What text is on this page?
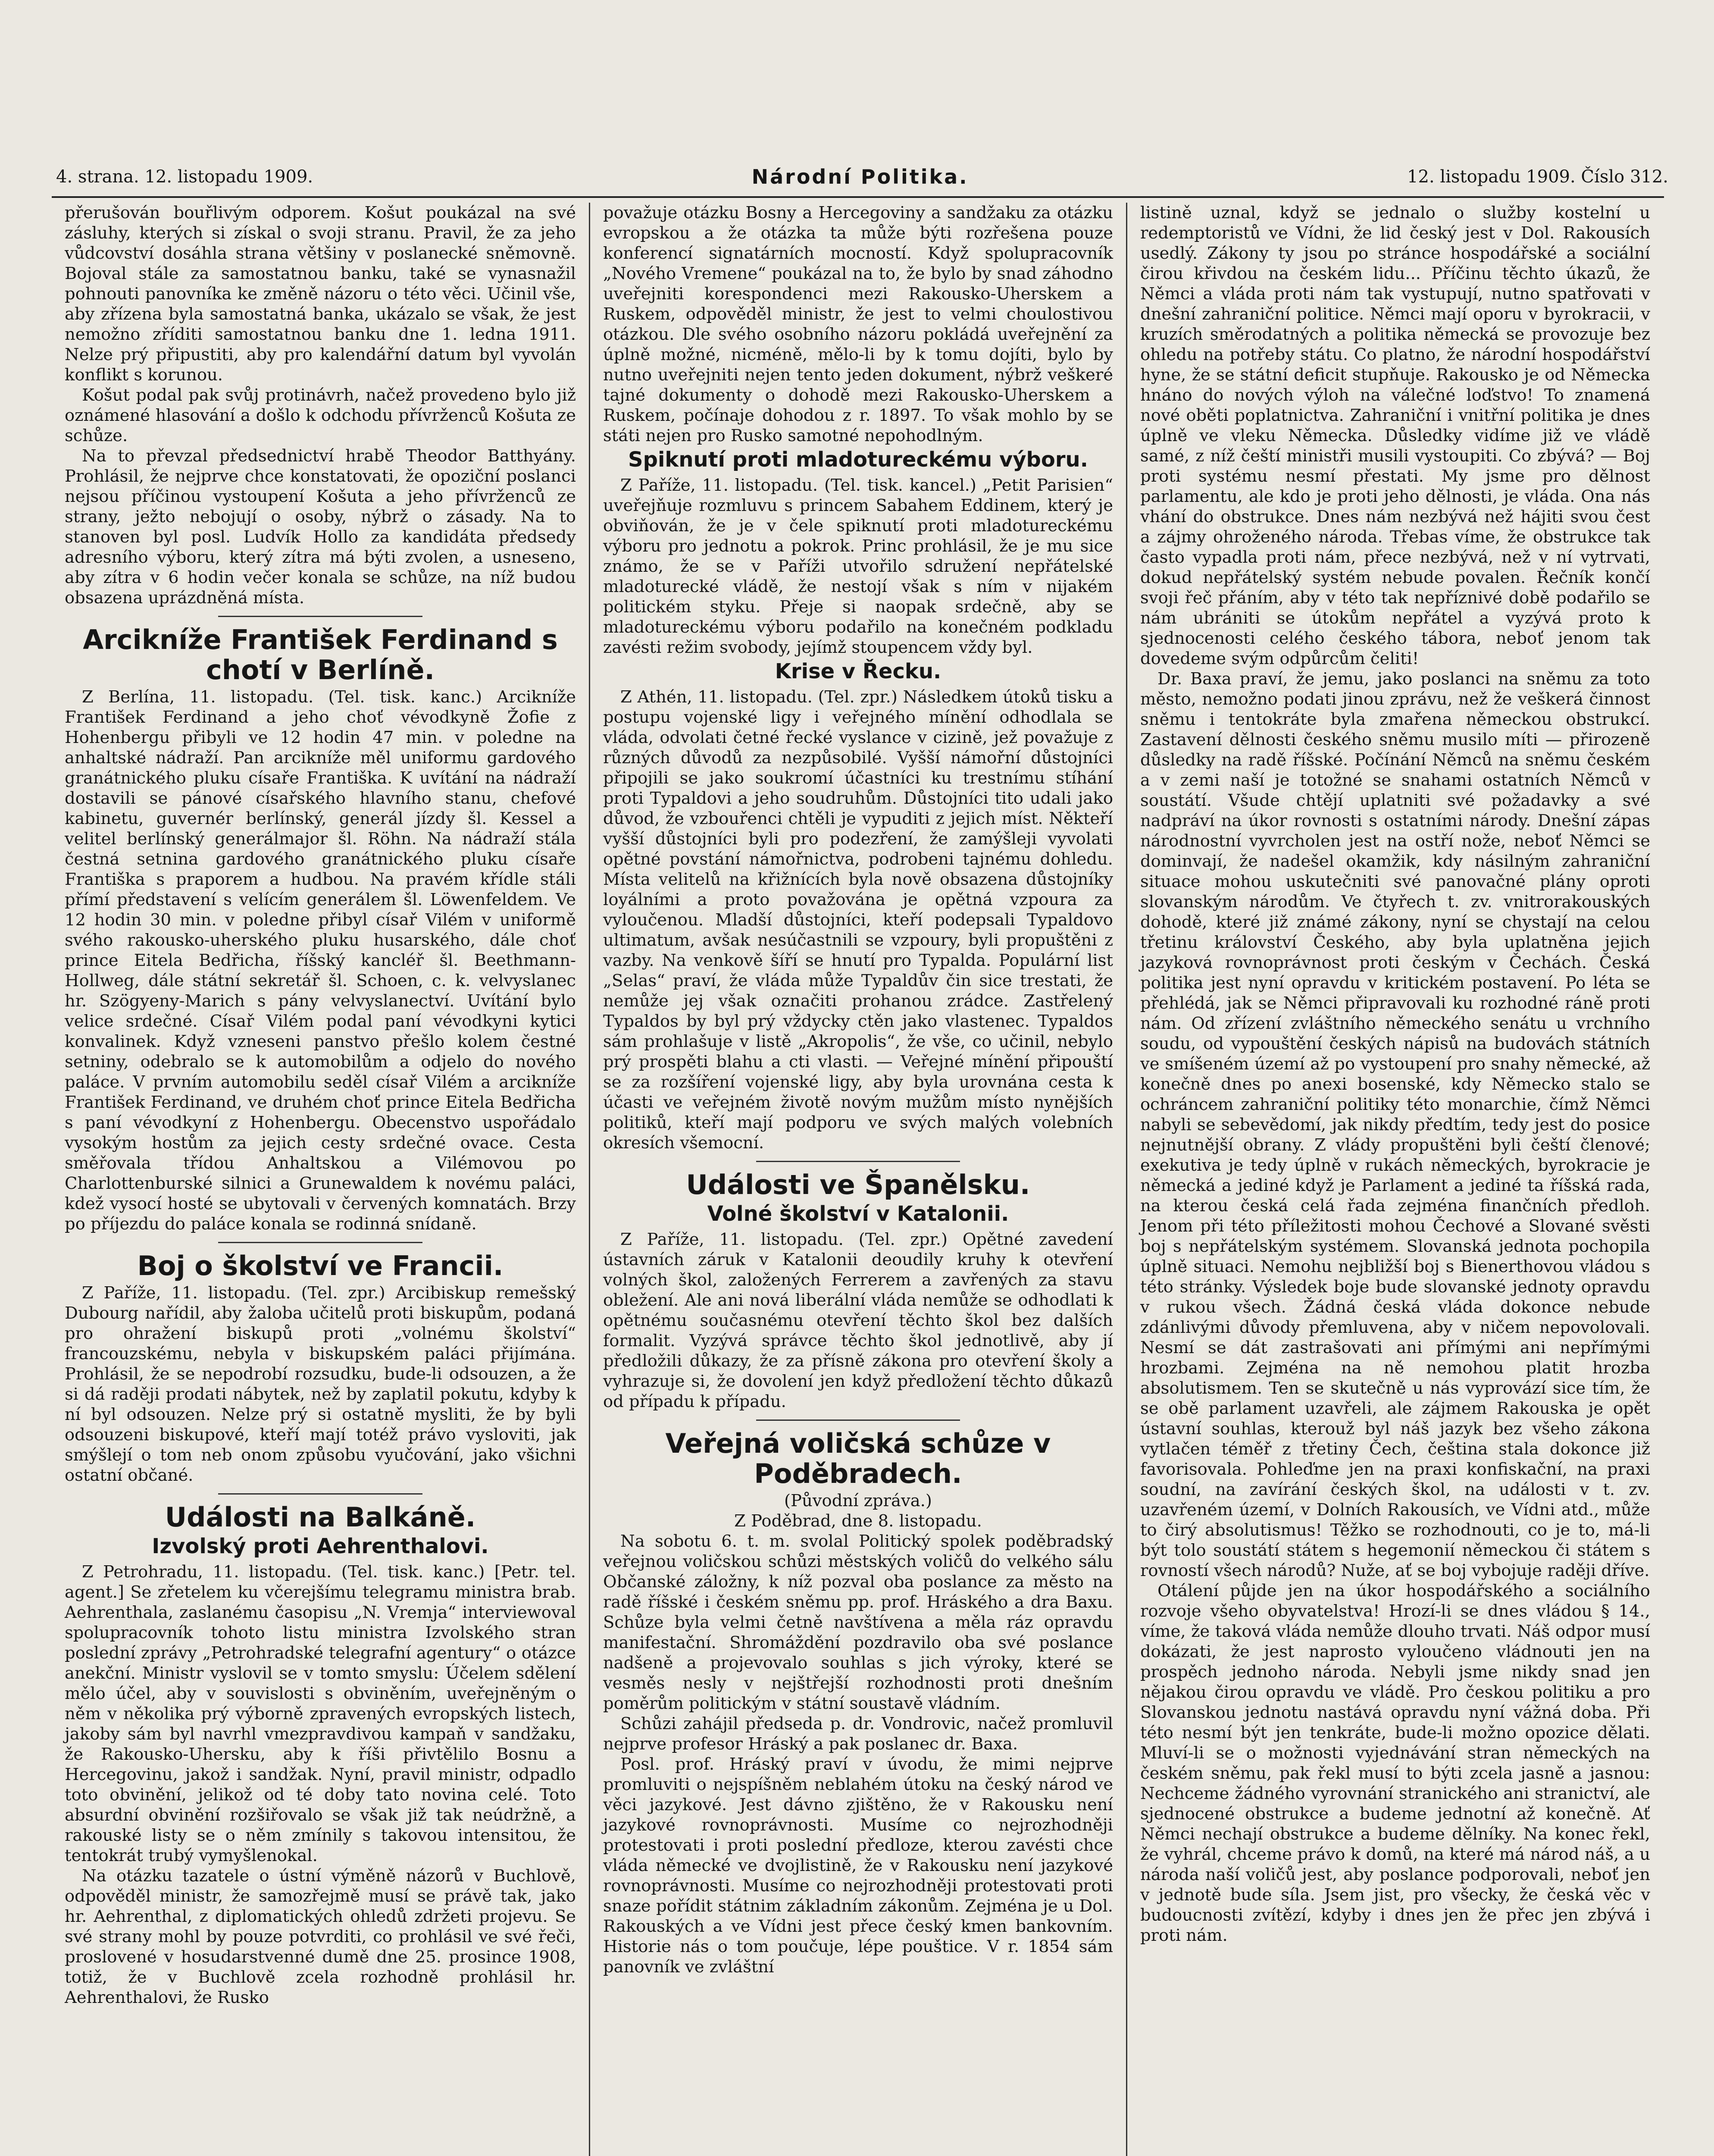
4. strana. 12. listopadu 1909.	Národní Politika.	12. listopadu 1909. Číslo 312.

přerušován bouřlivým odporem. Košut poukázal na své zásluhy, kterých si získal o svoji stranu. Pravil, že za jeho vůdcovství dosáhla strana většiny v poslanecké sněmovně. Bojoval stále za samostatnou banku, také se vynasnažil pohnouti panovníka ke změně názoru o této věci. Učinil vše, aby zřízena byla samostatná banka, ukázalo se však, že jest nemožno zříditi samostatnou banku dne 1. ledna 1911. Nelze prý připustiti, aby pro kalendářní datum byl vyvolán konflikt s korunou.

Košut podal pak svůj protinávrh, načež provedeno bylo již oznámené hlasování a došlo k odchodu přívrženců Košuta ze schůze.

Na to převzal předsednictví hrabě Theodor Batthyány. Prohlásil, že nejprve chce konstatovati, že opoziční poslanci nejsou příčinou vystoupení Košuta a jeho přívrženců ze strany, ježto nebojují o osoby, nýbrž o zásady. Na to stanoven byl posl. Ludvík Hollo za kandidáta předsedy adresního výboru, který zítra má býti zvolen, a usneseno, aby zítra v 6 hodin večer konala se schůze, na níž budou obsazena uprázdněná místa.

Arcikníže František Ferdinand s chotí v Berlíně.

Z Berlína, 11. listopadu. (Tel. tisk. kanc.) Arcikníže František Ferdinand a jeho choť vévodkyně Žofie z Hohenbergu přibyli ve 12 hodin 47 min. v poledne na anhaltské nádraží. Pan arcikníže měl uniformu gardového granátnického pluku císaře Františka. K uvítání na nádraží dostavili se pánové císařského hlavního stanu, chefové kabinetu, guvernér berlínský, generál jízdy šl. Kessel a velitel berlínský generálmajor šl. Röhn. Na nádraží stála čestná setnina gardového granátnického pluku císaře Františka s praporem a hudbou. Na pravém křídle stáli přímí představení s velícím generálem šl. Löwenfeldem. Ve 12 hodin 30 min. v poledne přibyl císař Vilém v uniformě svého rakousko-uherského pluku husarského, dále choť prince Eitela Bedřicha, říšský kancléř šl. Beethmann-Hollweg, dále státní sekretář šl. Schoen, c. k. velvyslanec hr. Szögyeny-Marich s pány velvyslanectví. Uvítání bylo velice srdečné. Císař Vilém podal paní vévodkyni kytici konvalinek. Když vzneseni panstvo přešlo kolem čestné setniny, odebralo se k automobilům a odjelo do nového paláce. V prvním automobilu seděl císař Vilém a arcikníže František Ferdinand, ve druhém choť prince Eitela Bedřicha s paní vévodkyní z Hohenbergu. Obecenstvo uspořádalo vysokým hostům za jejich cesty srdečné ovace. Cesta směřovala třídou Anhaltskou a Vilémovou po Charlottenburské silnici a Grunewaldem k novému paláci, kdež vysocí hosté se ubytovali v červených komnatách. Brzy po příjezdu do paláce konala se rodinná snídaně.

Boj o školství ve Francii.

Z Paříže, 11. listopadu. (Tel. zpr.) Arcibiskup remešský Dubourg nařídil, aby žaloba učitelů proti biskupům, podaná pro ohražení biskupů proti „volnému školství“ francouzskému, nebyla v biskupském paláci přijímána. Prohlásil, že se nepodrobí rozsudku, bude-li odsouzen, a že si dá raději prodati nábytek, než by zaplatil pokutu, kdyby k ní byl odsouzen. Nelze prý si ostatně mysliti, že by byli odsouzeni biskupové, kteří mají totéž právo vysloviti, jak smýšlejí o tom neb onom způsobu vyučování, jako všichni ostatní občané.

Události na Balkáně.
Izvolský proti Aehrenthalovi.

Z Petrohradu, 11. listopadu. (Tel. tisk. kanc.) [Petr. tel. agent.] Se zřetelem ku včerejšímu telegramu ministra brab. Aehrenthala, zaslanému časopisu „N. Vremja“ interviewoval spolupracovník tohoto listu ministra Izvolského stran poslední zprávy „Petrohradské telegrafní agentury“ o otázce anekční. Ministr vyslovil se v tomto smyslu: Účelem sdělení mělo účel, aby v souvislosti s obviněním, uveřejněným o něm v několika prý výborně zpravených evropských listech, jakoby sám byl navrhl vmezpravdivou kampaň v sandžaku, že Rakousko-Uhersku, aby k říši přivtělilo Bosnu a Hercegovinu, jakož i sandžak. Nyní, pravil ministr, odpadlo toto obvinění, jelikož od té doby tato novina celé. Toto absurdní obvinění rozšiřovalo se však již tak neúdržně, a rakouské listy se o něm zmínily s takovou intensitou, že tentokrát trubý vymyšlenokal.

Na otázku tazatele o ústní výměně názorů v Buchlově, odpověděl ministr, že samozřejmě musí se právě tak, jako hr. Aehrenthal, z diplomatických ohledů zdržeti projevu. Se své strany mohl by pouze potvrditi, co prohlásil ve své řeči, proslovené v hosudarstvenné dumě dne 25. prosince 1908, totiž, že v Buchlově zcela rozhodně prohlásil hr. Aehrenthalovi, že Rusko

považuje otázku Bosny a Hercegoviny a sandžaku za otázku evropskou a že otázka ta může býti rozřešena pouze konferencí signatárních mocností. Když spolupracovník „Nového Vremene“ poukázal na to, že bylo by snad záhodno uveřejniti korespondenci mezi Rakousko-Uherskem a Ruskem, odpověděl ministr, že jest to velmi choulostivou otázkou. Dle svého osobního názoru pokládá uveřejnění za úplně možné, nicméně, mělo-li by k tomu dojíti, bylo by nutno uveřejniti nejen tento jeden dokument, nýbrž veškeré tajné dokumenty o dohodě mezi Rakousko-Uherskem a Ruskem, počínaje dohodou z r. 1897. To však mohlo by se státi nejen pro Rusko samotné nepohodlným.

Spiknutí proti mladotureckému výboru.

Z Paříže, 11. listopadu. (Tel. tisk. kancel.) „Petit Parisien“ uveřejňuje rozmluvu s princem Sabahem Eddinem, který je obviňován, že je v čele spiknutí proti mladotureckému výboru pro jednotu a pokrok. Princ prohlásil, že je mu sice známo, že se v Paříži utvořilo sdružení nepřátelské mladoturecké vládě, že nestojí však s ním v nijakém politickém styku. Přeje si naopak srdečně, aby se mladotureckému výboru podařilo na konečném podkladu zavésti režim svobody, jejímž stoupencem vždy byl.

Krise v Řecku.

Z Athén, 11. listopadu. (Tel. zpr.) Následkem útoků tisku a postupu vojenské ligy i veřejného mínění odhodlala se vláda, odvolati četné řecké vyslance v cizině, jež považuje z různých důvodů za nezpůsobilé. Vyšší námořní důstojníci připojili se jako soukromí účastníci ku trestnímu stíhání proti Typaldovi a jeho soudruhům. Důstojníci tito udali jako důvod, že vzbouřenci chtěli je vypuditi z jejich míst. Někteří vyšší důstojníci byli pro podezření, že zamýšleji vyvolati opětné povstání námořnictva, podrobeni tajnému dohledu. Místa velitelů na křižnících byla nově obsazena důstojníky loyálními a proto považována je opětná vzpoura za vyloučenou. Mladší důstojníci, kteří podepsali Typaldovo ultimatum, avšak nesúčastnili se vzpoury, byli propuštěni z vazby. Na venkově šíří se hnutí pro Typalda. Populární list „Selas“ praví, že vláda může Typaldův čin sice trestati, že nemůže jej však označiti prohanou zrádce. Zastřelený Typaldos by byl prý vždycky ctěn jako vlastenec. Typaldos sám prohlašuje v listě „Akropolis“, že vše, co učinil, nebylo prý prospěti blahu a cti vlasti. — Veřejné mínění připouští se za rozšíření vojenské ligy, aby byla urovnána cesta k účasti ve veřejném životě novým mužům místo nynějších politiků, kteří mají podporu ve svých malých volebních okresích všemocní.

Události ve Španělsku.
Volné školství v Katalonii.

Z Paříže, 11. listopadu. (Tel. zpr.) Opětné zavedení ústavních záruk v Katalonii deoudily kruhy k otevření volných škol, založených Ferrerem a zavřených za stavu obležení. Ale ani nová liberální vláda nemůže se odhodlati k opětnému současnému otevření těchto škol bez dalších formalit. Vyzývá správce těchto škol jednotlivě, aby jí předložili důkazy, že za přísně zákona pro otevření školy a vyhrazuje si, že dovolení jen když předložení těchto důkazů od případu k případu.

Veřejná voličská schůze v Poděbradech.

(Původní zpráva.)

Z Poděbrad, dne 8. listopadu.

Na sobotu 6. t. m. svolal Politický spolek poděbradský veřejnou voličskou schůzi městských voličů do velkého sálu Občanské záložny, k níž pozval oba poslance za město na radě říšské i českém sněmu pp. prof. Hráského a dra Baxu. Schůze byla velmi četně navštívena a měla ráz opravdu manifestační. Shromáždění pozdravilo oba své poslance nadšeně a projevovalo souhlas s jich výroky, které se vesměs nesly v nejštřejší rozhodnosti proti dnešním poměrům politickým v státní soustavě vládním.

Schůzi zahájil předseda p. dr. Vondrovic, načež promluvil nejprve profesor Hráský a pak poslanec dr. Baxa.

Posl. prof. Hráský praví v úvodu, že mimi nejprve promluviti o nejspíšněm neblahém útoku na český národ ve věci jazykové. Jest dávno zjištěno, že v Rakousku není jazykové rovnoprávnosti. Musíme co nejrozhodněji protestovati i proti poslední předloze, kterou zavésti chce vláda německé ve dvojlistině, že v Rakousku není jazykové rovnoprávnosti. Musíme co nejrozhodněji protestovati proti snaze pořídit státnim základním zákonům. Zejména je u Dol. Rakouských a ve Vídni jest přece český kmen bankovním. Historie nás o tom poučuje, lépe pouštice. V r. 1854 sám panovník ve zvláštní

listině uznal, když se jednalo o služby kostelní u redemptoristů ve Vídni, že lid český jest v Dol. Rakousích usedlý. Zákony ty jsou po stránce hospodářské a sociální čirou křivdou na českém lidu... Příčinu těchto úkazů, že Němci a vláda proti nám tak vystupují, nutno spatřovati v dnešní zahraniční politice. Němci mají oporu v byrokracii, v kruzích směrodatných a politika německá se provozuje bez ohledu na potřeby státu. Co platno, že národní hospodářství hyne, že se státní deficit stupňuje. Rakousko je od Německa hnáno do nových výloh na válečné loďstvo! To znamená nové oběti poplatnictva. Zahraniční i vnitřní politika je dnes úplně ve vleku Německa. Důsledky vidíme již ve vládě samé, z níž čeští ministři musili vystoupiti. Co zbývá? — Boj proti systému nesmí přestati. My jsme pro dělnost parlamentu, ale kdo je proti jeho dělnosti, je vláda. Ona nás vhání do obstrukce. Dnes nám nezbývá než hájiti svou čest a zájmy ohroženého národa. Třebas víme, že obstrukce tak často vypadla proti nám, přece nezbývá, než v ní vytrvati, dokud nepřátelský systém nebude povalen. Řečník končí svoji řeč přáním, aby v této tak nepříznivé době podařilo se nám ubrániti se útokům nepřátel a vyzývá proto k sjednocenosti celého českého tábora, neboť jenom tak dovedeme svým odpůrcům čeliti!

Dr. Baxa praví, že jemu, jako poslanci na sněmu za toto město, nemožno podati jinou zprávu, než že veškerá činnost sněmu i tentokráte byla zmařena německou obstrukcí. Zastavení dělnosti českého sněmu musilo míti — přirozeně důsledky na radě říšské. Počínání Němců na sněmu českém a v zemi naší je totožné se snahami ostatních Němců v soustátí. Všude chtějí uplatniti své požadavky a své nadpráví na úkor rovnosti s ostatními národy. Dnešní zápas národnostní vyvrcholen jest na ostří nože, neboť Němci se dominvají, že nadešel okamžik, kdy násilným zahraniční situace mohou uskutečniti své panovačné plány oproti slovanským národům. Ve čtyřech t. zv. vnitrorakouských dohodě, které již známé zákony, nyní se chystají na celou třetinu království Českého, aby byla uplatněna jejich jazyková rovnoprávnost proti českým v Čechách. Česká politika jest nyní opravdu v kritickém postavení. Po léta se přehlédá, jak se Němci připravovali ku rozhodné ráně proti nám. Od zřízení zvláštního německého senátu u vrchního soudu, od vypouštění českých nápisů na budovách státních ve smíšeném území až po vystoupení pro snahy německé, až konečně dnes po anexi bosenské, kdy Německo stalo se ochráncem zahraniční politiky této monarchie, čímž Němci nabyli se sebevědomí, jak nikdy předtím, tedy jest do posice nejnutnější obrany. Z vlády propuštěni byli čeští členové; exekutiva je tedy úplně v rukách německých, byrokracie je německá a jediné když je Parlament a jediné ta říšská rada, na kterou česká celá řada zejména finančních předloh. Jenom při této příležitosti mohou Čechové a Slované svěsti boj s nepřátelským systémem. Slovanská jednota pochopila úplně situaci. Nemohu nejbližší boj s Bienerthovou vládou s této stránky. Výsledek boje bude slovanské jednoty opravdu v rukou všech. Žádná česká vláda dokonce nebude zdánlivými důvody přemluvena, aby v ničem nepovolovali. Nesmí se dát zastrašovati ani přímými ani nepřímými hrozbami. Zejména na ně nemohou platit hrozba absolutismem. Ten se skutečně u nás vyprovází sice tím, že se obě parlament uzavřeli, ale zájmem Rakouska je opět ústavní souhlas, kterouž byl náš jazyk bez všeho zákona vytlačen téměř z třetiny Čech, čeština stala dokonce již favorisovala. Pohleďme jen na praxi konfiskační, na praxi soudní, na zavírání českých škol, na události v t. zv. uzavřeném území, v Dolních Rakousích, ve Vídni atd., může to čirý absolutismus! Těžko se rozhodnouti, co je to, má-li být tolo soustátí státem s hegemonií německou či státem s rovností všech národů? Nuže, ať se boj vybojuje raději dříve.

Otálení půjde jen na úkor hospodářského a sociálního rozvoje všeho obyvatelstva! Hrozí-li se dnes vládou § 14., víme, že taková vláda nemůže dlouho trvati. Náš odpor musí dokázati, že jest naprosto vyloučeno vládnouti jen na prospěch jednoho národa. Nebyli jsme nikdy snad jen nějakou čirou opravdu ve vládě. Pro českou politiku a pro Slovanskou jednotu nastává opravdu nyní vážná doba. Při této nesmí být jen tenkráte, bude-li možno opozice dělati. Mluví-li se o možnosti vyjednávání stran německých na českém sněmu, pak řekl musí to býti zcela jasně a jasnou: Nechceme žádného vyrovnání stranického ani stranictví, ale sjednocené obstrukce a budeme jednotní až konečně. Ať Němci nechají obstrukce a budeme dělníky. Na konec řekl, že vyhrál, chceme právo k domů, na které má národ náš, a u národa naší voličů jest, aby poslance podporovali, neboť jen v jednotě bude síla. Jsem jist, pro všecky, že česká věc v budoucnosti zvítězí, kdyby i dnes jen že přec jen zbývá i proti nám.
